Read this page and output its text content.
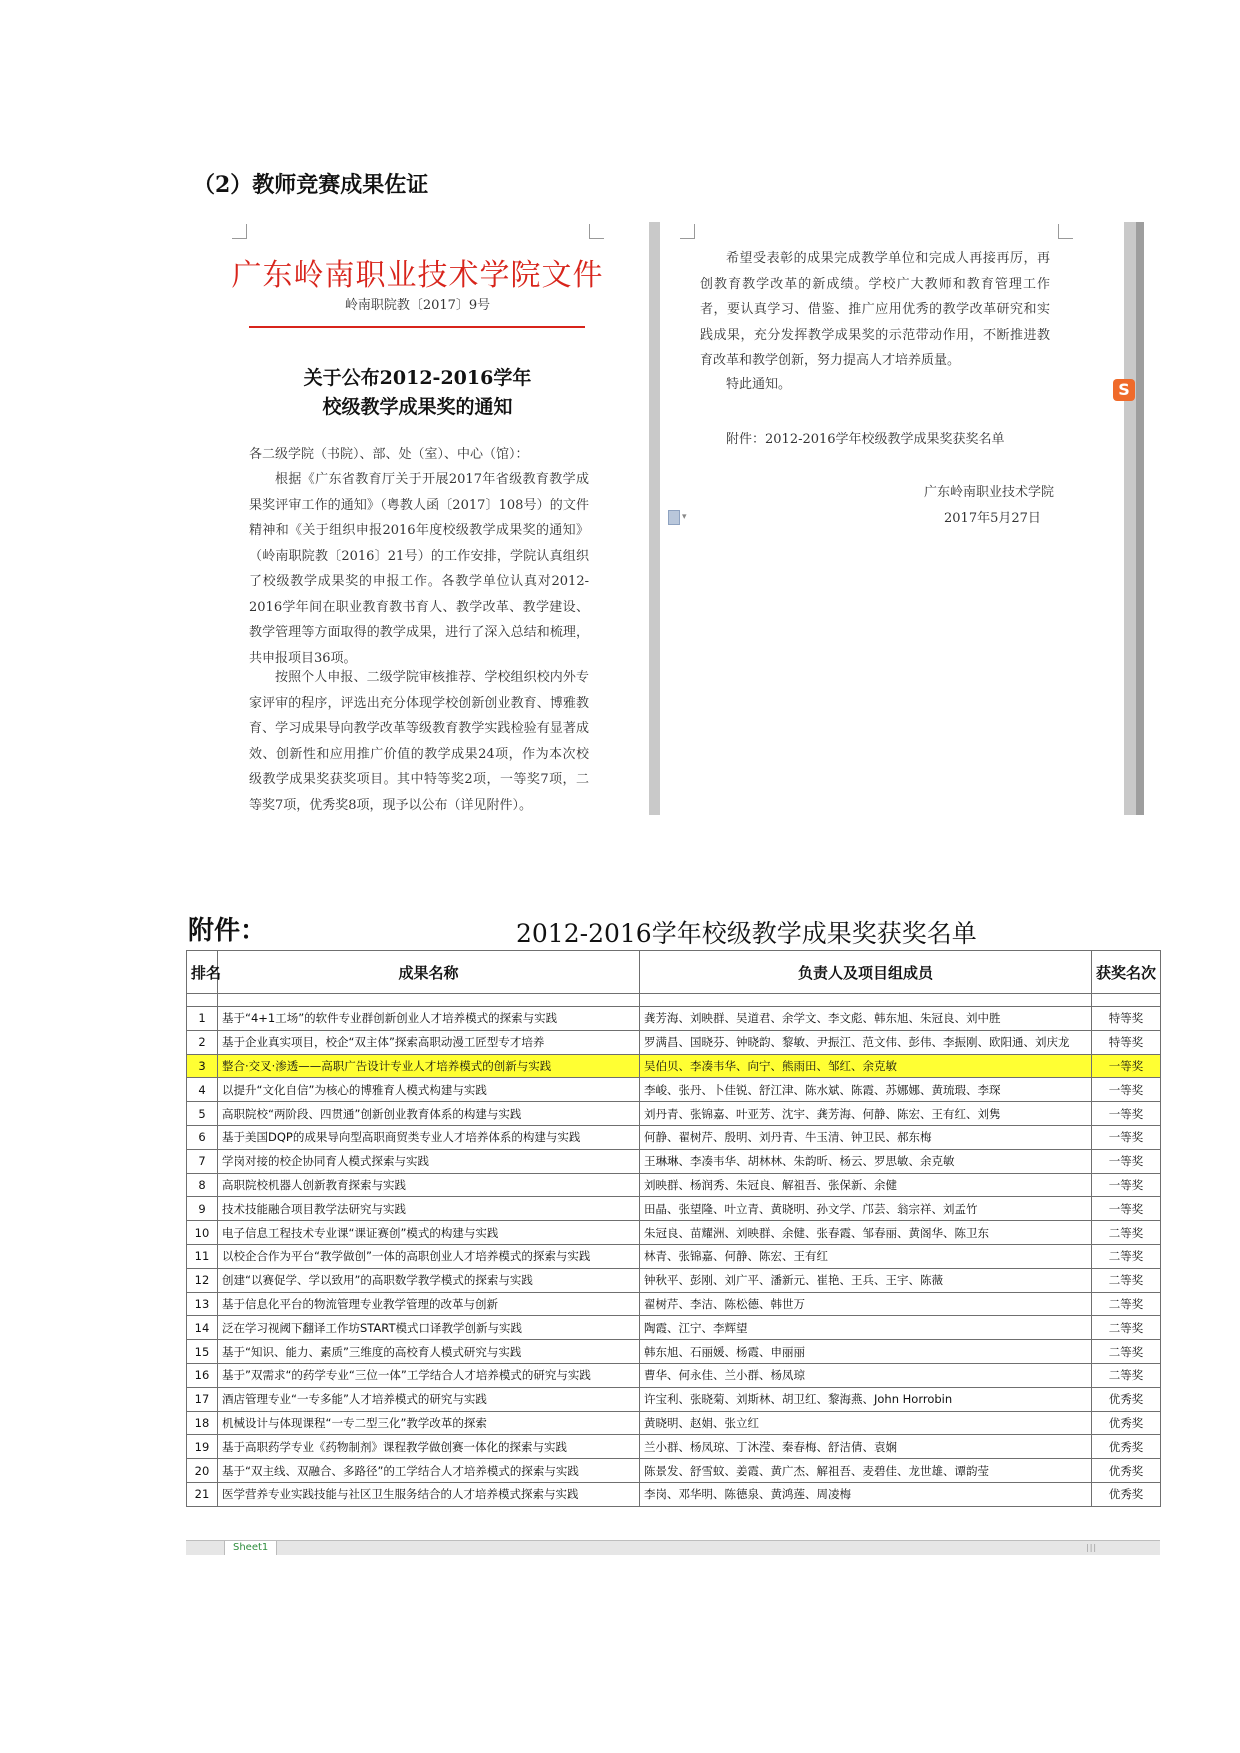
（2）教师竞赛成果佐证
广东岭南职业技术学院文件
岭南职院教〔2017〕9号
关于公布2012-2016学年
校级教学成果奖的通知
各二级学院（书院）、部、处（室）、中心（馆）：
根据《广东省教育厅关于开展2017年省级教育教学成果奖评审工作的通知》（粤教人函〔2017〕108号）的文件精神和《关于组织申报2016年度校级教学成果奖的通知》（岭南职院教〔2016〕21号）的工作安排，学院认真组织了校级教学成果奖的申报工作。各教学单位认真对2012-2016学年间在职业教育教书育人、教学改革、教学建设、教学管理等方面取得的教学成果，进行了深入总结和梳理，共申报项目36项。
按照个人申报、二级学院审核推荐、学校组织校内外专家评审的程序，评选出充分体现学校创新创业教育、博雅教育、学习成果导向教学改革等级教育教学实践检验有显著成效、创新性和应用推广价值的教学成果24项，作为本次校级教学成果奖获奖项目。其中特等奖2项，一等奖7项，二等奖7项，优秀奖8项，现予以公布（详见附件）。
希望受表彰的成果完成教学单位和完成人再接再厉，再创教育教学改革的新成绩。学校广大教师和教育管理工作者，要认真学习、借鉴、推广应用优秀的教学改革研究和实践成果，充分发挥教学成果奖的示范带动作用，不断推进教育改革和教学创新，努力提高人才培养质量。
特此通知。
附件：2012-2016学年校级教学成果奖获奖名单
广东岭南职业技术学院
2017年5月27日
▾
S
附件：	2012-2016学年校级教学成果奖获奖名单
排名	成果名称	负责人及项目组成员	获奖名次

1	基于“4+1工场”的软件专业群创新创业人才培养模式的探索与实践	龚芳海、刘映群、吴道君、余学文、李文彪、韩东旭、朱冠良、刘中胜	特等奖
2	基于企业真实项目，校企“双主体”探索高职动漫工匠型专才培养	罗满昌、国晓芬、钟晓韵、黎敏、尹振江、范文伟、彭伟、李振刚、欧阳通、刘庆龙	特等奖
3	整合·交叉·渗透——高职广告设计专业人才培养模式的创新与实践	吴伯贝、李凑韦华、向宁、熊雨田、邹红、余克敏	一等奖
4	以提升“文化自信”为核心的博雅育人模式构建与实践	李峻、张丹、卜佳锐、舒江津、陈水斌、陈霞、苏娜娜、黄琉瑕、李琛	一等奖
5	高职院校“两阶段、四贯通”创新创业教育体系的构建与实践	刘丹青、张锦嘉、叶亚芳、沈宇、龚芳海、何静、陈宏、王有红、刘隽	一等奖
6	基于美国DQP的成果导向型高职商贸类专业人才培养体系的构建与实践	何静、翟树芹、殷明、刘丹青、牛玉清、钟卫民、郝东梅	一等奖
7	学岗对接的校企协同育人模式探索与实践	王琳琳、李凑韦华、胡林林、朱韵昕、杨云、罗思敏、余克敏	一等奖
8	高职院校机器人创新教育探索与实践	刘映群、杨润秀、朱冠良、解祖吾、张保新、余健	一等奖
9	技术技能融合项目教学法研究与实践	田晶、张望隆、叶立青、黄晓明、孙文学、邝芸、翁宗祥、刘孟竹	一等奖
10	电子信息工程技术专业课“课证赛创”模式的构建与实践	朱冠良、苗耀洲、刘映群、余健、张春霞、邹春丽、黄阁华、陈卫东	二等奖
11	以校企合作为平台“教学做创”一体的高职创业人才培养模式的探索与实践	林青、张锦嘉、何静、陈宏、王有红	二等奖
12	创建“以赛促学、学以致用”的高职数学教学模式的探索与实践	钟秋平、彭刚、刘广平、潘新元、崔艳、王兵、王宇、陈薇	二等奖
13	基于信息化平台的物流管理专业教学管理的改革与创新	翟树芹、李洁、陈松德、韩世万	二等奖
14	泛在学习视阈下翻译工作坊START模式口译教学创新与实践	陶霞、江宁、李辉望	二等奖
15	基于“知识、能力、素质”三维度的高校育人模式研究与实践	韩东旭、石丽媛、杨霞、申丽丽	二等奖
16	基于”双需求“的药学专业“三位一体”工学结合人才培养模式的研究与实践	曹华、何永佳、兰小群、杨凤琼	二等奖
17	酒店管理专业“一专多能”人才培养模式的研究与实践	许宝利、张晓菊、刘斯林、胡卫红、黎海燕、John Horrobin	优秀奖
18	机械设计与体现课程“一专二型三化”教学改革的探索	黄晓明、赵娟、张立红	优秀奖
19	基于高职药学专业《药物制剂》课程教学做创赛一体化的探索与实践	兰小群、杨凤琼、丁沐滢、秦春梅、舒洁倩、袁娴	优秀奖
20	基于“双主线、双融合、多路径”的工学结合人才培养模式的探索与实践	陈景发、舒雪蚊、姜霞、黄广杰、解祖吾、麦碧佳、龙世雄、谭韵莹	优秀奖
21	医学营养专业实践技能与社区卫生服务结合的人才培养模式探索与实践	李岗、邓华明、陈德泉、黄鸿莲、周凌梅	优秀奖
Sheet1	|||
